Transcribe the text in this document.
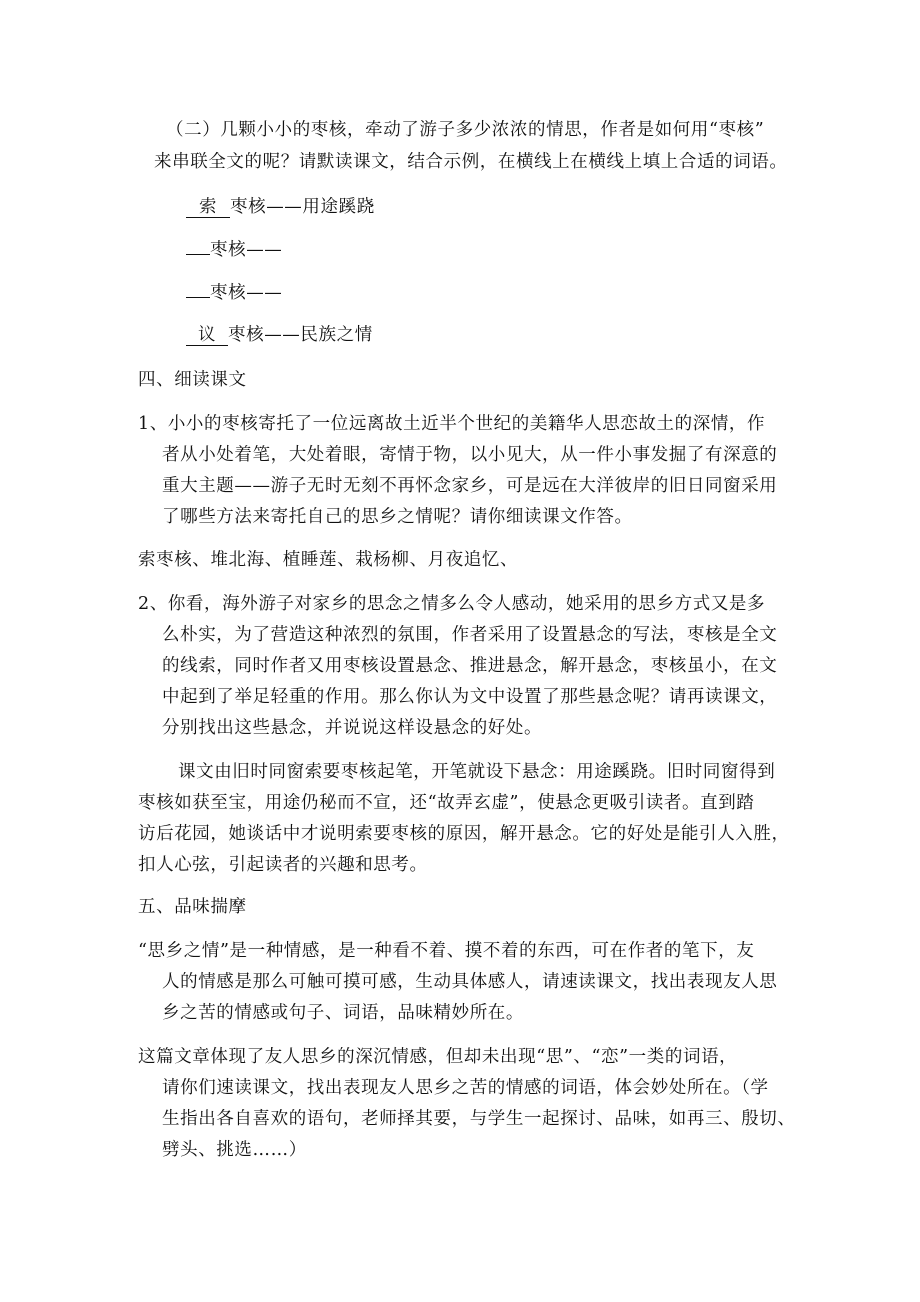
（二）几颗小小的枣核，牵动了游子多少浓浓的情思，作者是如何用“枣核”
来串联全文的呢？请默读课文，结合示例，在横线上在横线上填上合适的词语。
索 枣核——用途蹊跷
枣核——
枣核——
议 枣核——民族之情
四、细读课文
1、小小的枣核寄托了一位远离故土近半个世纪的美籍华人思恋故土的深情，作
者从小处着笔，大处着眼，寄情于物，以小见大，从一件小事发掘了有深意的
重大主题——游子无时无刻不再怀念家乡，可是远在大洋彼岸的旧日同窗采用
了哪些方法来寄托自己的思乡之情呢？请你细读课文作答。
索枣核、堆北海、植睡莲、栽杨柳、月夜追忆、
2、你看，海外游子对家乡的思念之情多么令人感动，她采用的思乡方式又是多
么朴实，为了营造这种浓烈的氛围，作者采用了设置悬念的写法，枣核是全文
的线索，同时作者又用枣核设置悬念、推进悬念，解开悬念，枣核虽小，在文
中起到了举足轻重的作用。那么你认为文中设置了那些悬念呢？请再读课文，
分别找出这些悬念，并说说这样设悬念的好处。
课文由旧时同窗索要枣核起笔，开笔就设下悬念：用途蹊跷。旧时同窗得到
枣核如获至宝，用途仍秘而不宣，还“故弄玄虚”，使悬念更吸引读者。直到踏
访后花园，她谈话中才说明索要枣核的原因，解开悬念。它的好处是能引人入胜，
扣人心弦，引起读者的兴趣和思考。
五、品味揣摩
“思乡之情”是一种情感，是一种看不着、摸不着的东西，可在作者的笔下，友
人的情感是那么可触可摸可感，生动具体感人，请速读课文，找出表现友人思
乡之苦的情感或句子、词语，品味精妙所在。
这篇文章体现了友人思乡的深沉情感，但却未出现“思”、“恋”一类的词语，
请你们速读课文，找出表现友人思乡之苦的情感的词语，体会妙处所在。（学
生指出各自喜欢的语句，老师择其要，与学生一起探讨、品味，如再三、殷切、
劈头、挑选……）
